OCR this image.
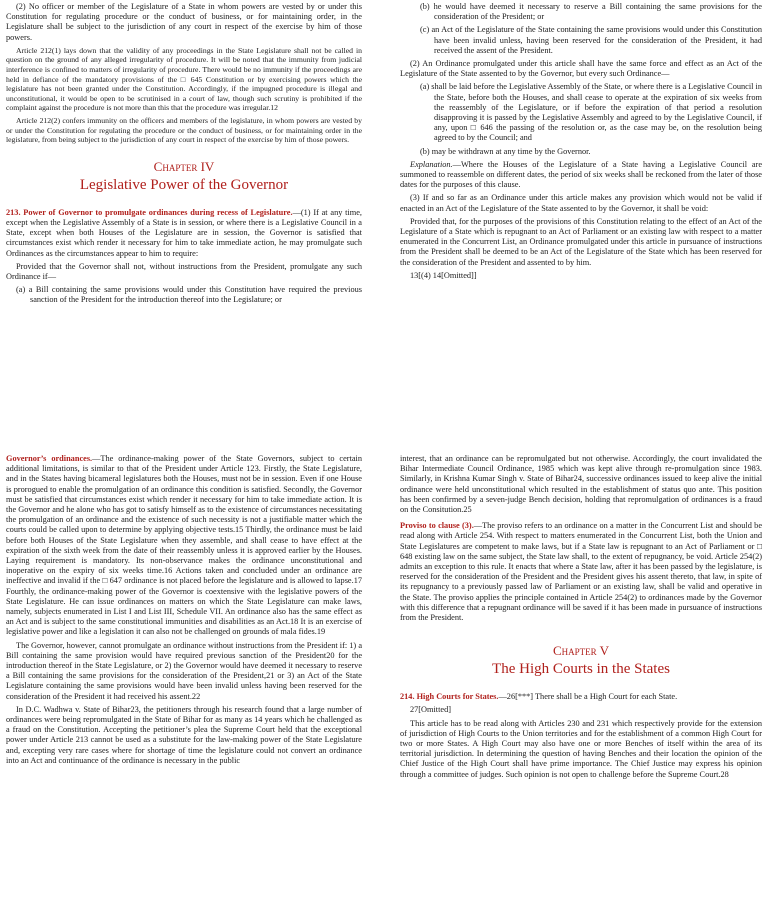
(2) No officer or member of the Legislature of a State in whom powers are vested by or under this Constitution for regulating procedure or the conduct of business, or for maintaining order, in the Legislature shall be subject to the jurisdiction of any court in respect of the exercise by him of those powers.

Article 212(1) lays down that the validity of any proceedings in the State Legislature shall not be called in question on the ground of any alleged irregularity of procedure. It will be noted that the immunity from judicial interference is confined to matters of irregularity of procedure. There would be no immunity if the proceedings are held in defiance of the mandatory provisions of the □ 645 Constitution or by exercising powers which the legislature has not been granted under the Constitution. Accordingly, if the impugned procedure is illegal and unconstitutional, it would be open to be scrutinised in a court of law, though such scrutiny is prohibited if the complaint against the procedure is not more than this that the procedure was irregular.12

Article 212(2) confers immunity on the officers and members of the legislature, in whom powers are vested by or under the Constitution for regulating the procedure or the conduct of business, or for maintaining order in the legislature, from being subject to the jurisdiction of any court in respect of the exercise by him of those powers.

Chapter IV
Legislative Power of the Governor

213. Power of Governor to promulgate ordinances during recess of Legislature.—(1) If at any time, except when the Legislative Assembly of a State is in session, or where there is a Legislative Council in a State, except when both Houses of the Legislature are in session, the Governor is satisfied that circumstances exist which render it necessary for him to take immediate action, he may promulgate such Ordinances as the circumstances appear to him to require:

Provided that the Governor shall not, without instructions from the President, promulgate any such Ordinance if—

(a) a Bill containing the same provisions would under this Constitution have required the previous sanction of the President for the introduction thereof into the Legislature; or

(b) he would have deemed it necessary to reserve a Bill containing the same provisions for the consideration of the President; or

(c) an Act of the Legislature of the State containing the same provisions would under this Constitution have been invalid unless, having been reserved for the consideration of the President, it had received the assent of the President.

(2) An Ordinance promulgated under this article shall have the same force and effect as an Act of the Legislature of the State assented to by the Governor, but every such Ordinance—

(a) shall be laid before the Legislative Assembly of the State, or where there is a Legislative Council in the State, before both the Houses, and shall cease to operate at the expiration of six weeks from the reassembly of the Legislature, or if before the expiration of that period a resolution disapproving it is passed by the Legislative Assembly and agreed to by the Legislative Council, if any, upon □ 646 the passing of the resolution or, as the case may be, on the resolution being agreed to by the Council; and

(b) may be withdrawn at any time by the Governor.

Explanation.—Where the Houses of the Legislature of a State having a Legislative Council are summoned to reassemble on different dates, the period of six weeks shall be reckoned from the later of those dates for the purposes of this clause.

(3) If and so far as an Ordinance under this article makes any provision which would not be valid if enacted in an Act of the Legislature of the State assented to by the Governor, it shall be void:

Provided that, for the purposes of the provisions of this Constitution relating to the effect of an Act of the Legislature of a State which is repugnant to an Act of Parliament or an existing law with respect to a matter enumerated in the Concurrent List, an Ordinance promulgated under this article in pursuance of instructions from the President shall be deemed to be an Act of the Legislature of the State which has been reserved for the consideration of the President and assented to by him.

13[(4) 14[Omitted]]

Governor’s ordinances.—The ordinance-making power of the State Governors, subject to certain additional limitations, is similar to that of the President under Article 123. Firstly, the State Legislature, and in the States having bicameral legislatures both the Houses, must not be in session. Even if one House is prorogued to enable the promulgation of an ordinance this condition is satisfied. Secondly, the Governor must be satisfied that circumstances exist which render it necessary for him to take immediate action. It is the Governor and he alone who has got to satisfy himself as to the existence of circumstances necessitating the promulgation of an ordinance and the existence of such necessity is not a justifiable matter which the courts could be called upon to determine by applying objective tests.15 Thirdly, the ordinance must be laid before both Houses of the State Legislature when they assemble, and shall cease to have effect at the expiration of the sixth week from the date of their reassembly unless it is approved earlier by the Houses. Laying requirement is mandatory. Its non-observance makes the ordinance unconstitutional and inoperative on the expiry of six weeks time.16 Actions taken and concluded under an ordinance are ineffective and invalid if the □ 647 ordinance is not placed before the legislature and is allowed to lapse.17 Fourthly, the ordinance-making power of the Governor is coextensive with the legislative powers of the State Legislature. He can issue ordinances on matters on which the State Legislature can make laws, namely, subjects enumerated in List I and List III, Schedule VII. An ordinance also has the same effect as an Act and is subject to the same constitutional immunities and disabilities as an Act.18 It is an exercise of legislative power and like a legislation it can also not be challenged on grounds of mala fides.19

The Governor, however, cannot promulgate an ordinance without instructions from the President if: 1) a Bill containing the same provision would have required previous sanction of the President20 for the introduction thereof in the State Legislature, or 2) the Governor would have deemed it necessary to reserve a Bill containing the same provisions for the consideration of the President,21 or 3) an Act of the State Legislature containing the same provisions would have been invalid unless having been reserved for the consideration of the President it had received his assent.22

In D.C. Wadhwa v. State of Bihar23, the petitioners through his research found that a large number of ordinances were being repromulgated in the State of Bihar for as many as 14 years which he challenged as a fraud on the Constitution. Accepting the petitioner’s plea the Supreme Court held that the exceptional power under Article 213 cannot be used as a substitute for the law-making power of the State Legislature and, excepting very rare cases where for shortage of time the legislature could not convert an ordinance into an Act and continuance of the ordinance is necessary in the public

interest, that an ordinance can be repromulgated but not otherwise. Accordingly, the court invalidated the Bihar Intermediate Council Ordinance, 1985 which was kept alive through re-promulgation since 1983. Similarly, in Krishna Kumar Singh v. State of Bihar24, successive ordinances issued to keep alive the initial ordinance were held unconstitutional which resulted in the establishment of status quo ante. This position has been confirmed by a seven-judge Bench decision, holding that repromulgation of ordinances is a fraud on the Consitution.25

Proviso to clause (3).—The proviso refers to an ordinance on a matter in the Concurrent List and should be read along with Article 254. With respect to matters enumerated in the Concurrent List, both the Union and State Legislatures are competent to make laws, but if a State law is repugnant to an Act of Parliament or □ 648 existing law on the same subject, the State law shall, to the extent of repugnancy, be void. Article 254(2) admits an exception to this rule. It enacts that where a State law, after it has been passed by the legislature, is reserved for the consideration of the President and the President gives his assent thereto, that law, in spite of its repugnancy to a previously passed law of Parliament or an existing law, shall be valid and operative in the State. The proviso applies the principle contained in Article 254(2) to ordinances made by the Governor with this difference that a repugnant ordinance will be saved if it has been made in pursuance of instructions from the President.

Chapter V
The High Courts in the States

214. High Courts for States.—26[***] There shall be a High Court for each State.

27[Omitted]

This article has to be read along with Articles 230 and 231 which respectively provide for the extension of jurisdiction of High Courts to the Union territories and for the establishment of a common High Court for two or more States. A High Court may also have one or more Benches of itself within the area of its territorial jurisdiction. In determining the question of having Benches and their location the opinion of the Chief Justice of the High Court shall have prime importance. The Chief Justice may express his opinion through a committee of judges. Such opinion is not open to challenge before the Supreme Court.28
